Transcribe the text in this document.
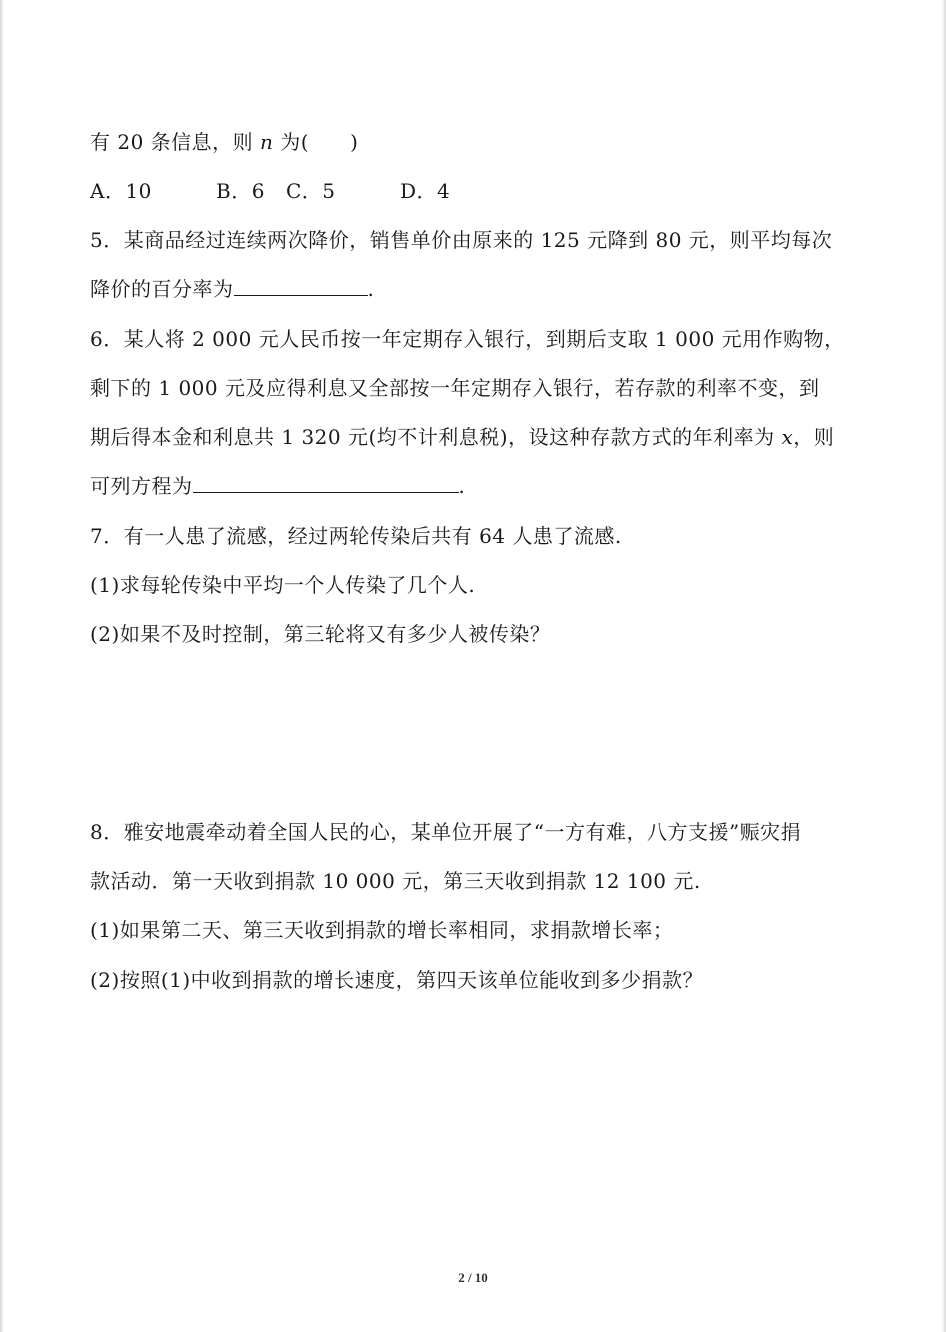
有 20 条信息，则 n 为(　　)
A．10	B．6 C．5	D．4
5．某商品经过连续两次降价，销售单价由原来的 125 元降到 80 元，则平均每次
降价的百分率为	.
6．某人将 2 000 元人民币按一年定期存入银行，到期后支取 1 000 元用作购物，
剩下的 1 000 元及应得利息又全部按一年定期存入银行，若存款的利率不变，到
期后得本金和利息共 1 320 元(均不计利息税)，设这种存款方式的年利率为 x，则
可列方程为	.
7．有一人患了流感，经过两轮传染后共有 64 人患了流感.
(1)求每轮传染中平均一个人传染了几个人.
(2)如果不及时控制，第三轮将又有多少人被传染？
8．雅安地震牵动着全国人民的心，某单位开展了“一方有难，八方支援”赈灾捐
款活动．第一天收到捐款 10 000 元，第三天收到捐款 12 100 元.
(1)如果第二天、第三天收到捐款的增长率相同，求捐款增长率；
(2)按照(1)中收到捐款的增长速度，第四天该单位能收到多少捐款？
2 / 10
